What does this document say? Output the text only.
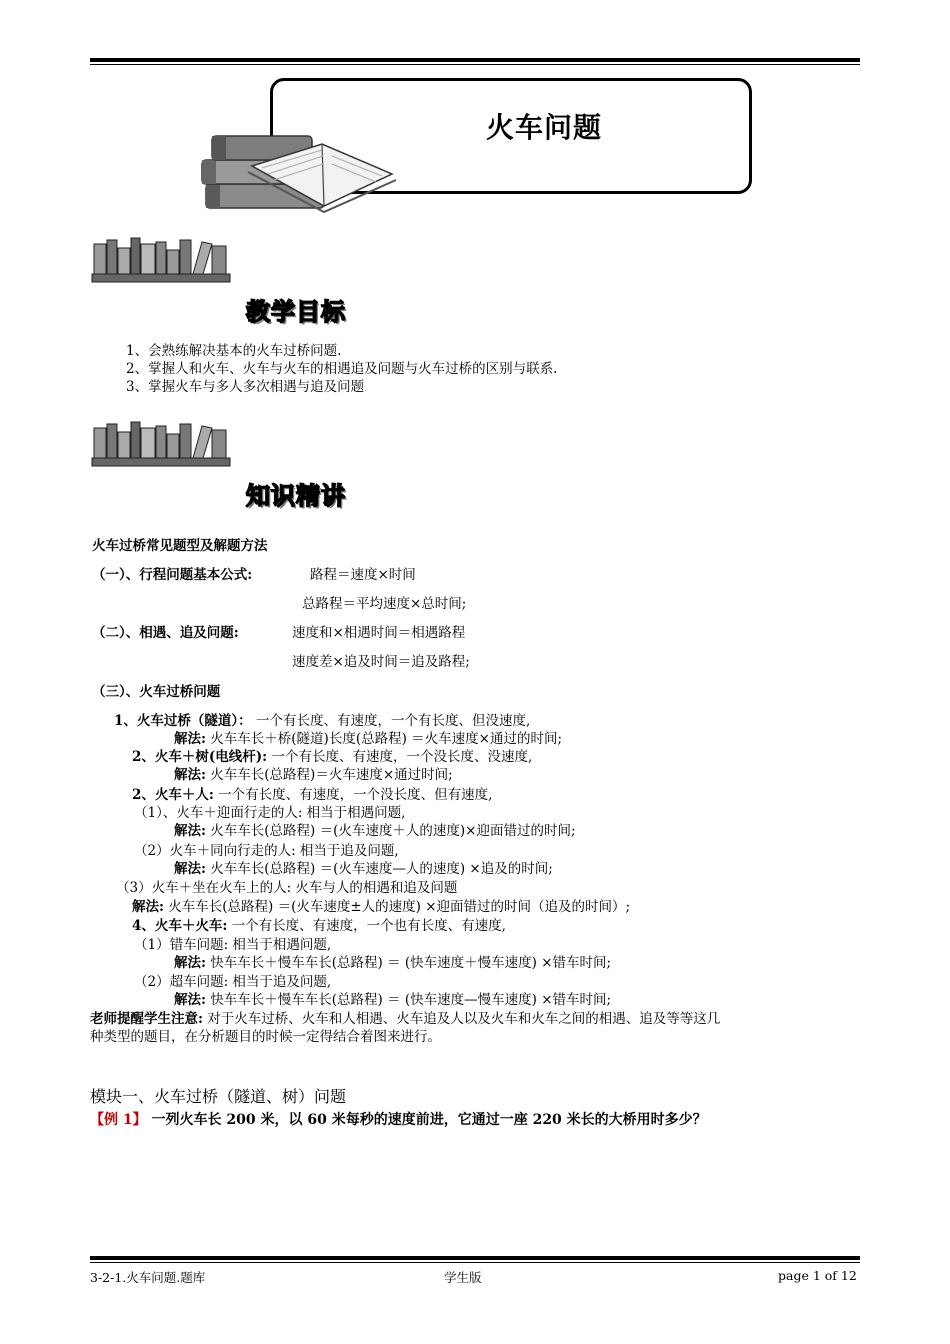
火车问题
教学目标
1、会熟练解决基本的火车过桥问题.
2、掌握人和火车、火车与火车的相遇追及问题与火车过桥的区别与联系.
3、掌握火车与多人多次相遇与追及问题
知识精讲
火车过桥常见题型及解题方法
（一）、行程问题基本公式:	路程＝速度×时间
总路程＝平均速度×总时间;
（二）、相遇、追及问题:	速度和×相遇时间＝相遇路程
速度差×追及时间＝追及路程;
（三）、火车过桥问题
1、火车过桥（隧道）： 一个有长度、有速度，一个有长度、但没速度,
解法: 火车车长＋桥(隧道)长度(总路程) ＝火车速度×通过的时间;
2、火车＋树(电线杆): 一个有长度、有速度，一个没长度、没速度,
解法: 火车车长(总路程)＝火车速度×通过时间;
2、火车＋人: 一个有长度、有速度，一个没长度、但有速度,
（1）、火车＋迎面行走的人: 相当于相遇问题,
解法: 火车车长(总路程) ＝(火车速度＋人的速度)×迎面错过的时间;
（2）火车＋同向行走的人: 相当于追及问题,
解法: 火车车长(总路程) ＝(火车速度—人的速度) ×追及的时间;
（3）火车＋坐在火车上的人: 火车与人的相遇和追及问题
解法: 火车车长(总路程) ＝(火车速度±人的速度) ×迎面错过的时间（追及的时间）;
4、火车＋火车: 一个有长度、有速度，一个也有长度、有速度,
（1）错车问题: 相当于相遇问题,
解法: 快车车长＋慢车车长(总路程) ＝ (快车速度＋慢车速度) ×错车时间;
（2）超车问题: 相当于追及问题,
解法: 快车车长＋慢车车长(总路程) ＝ (快车速度—慢车速度) ×错车时间;
老师提醒学生注意: 对于火车过桥、火车和人相遇、火车追及人以及火车和火车之间的相遇、追及等等这几
种类型的题目，在分析题目的时候一定得结合着图来进行。
模块一、火车过桥（隧道、树）问题
【例 1】 一列火车长 200 米，以 60 米每秒的速度前进，它通过一座 220 米长的大桥用时多少？
3-2-1.火车问题.题库	学生版	page 1 of 12
